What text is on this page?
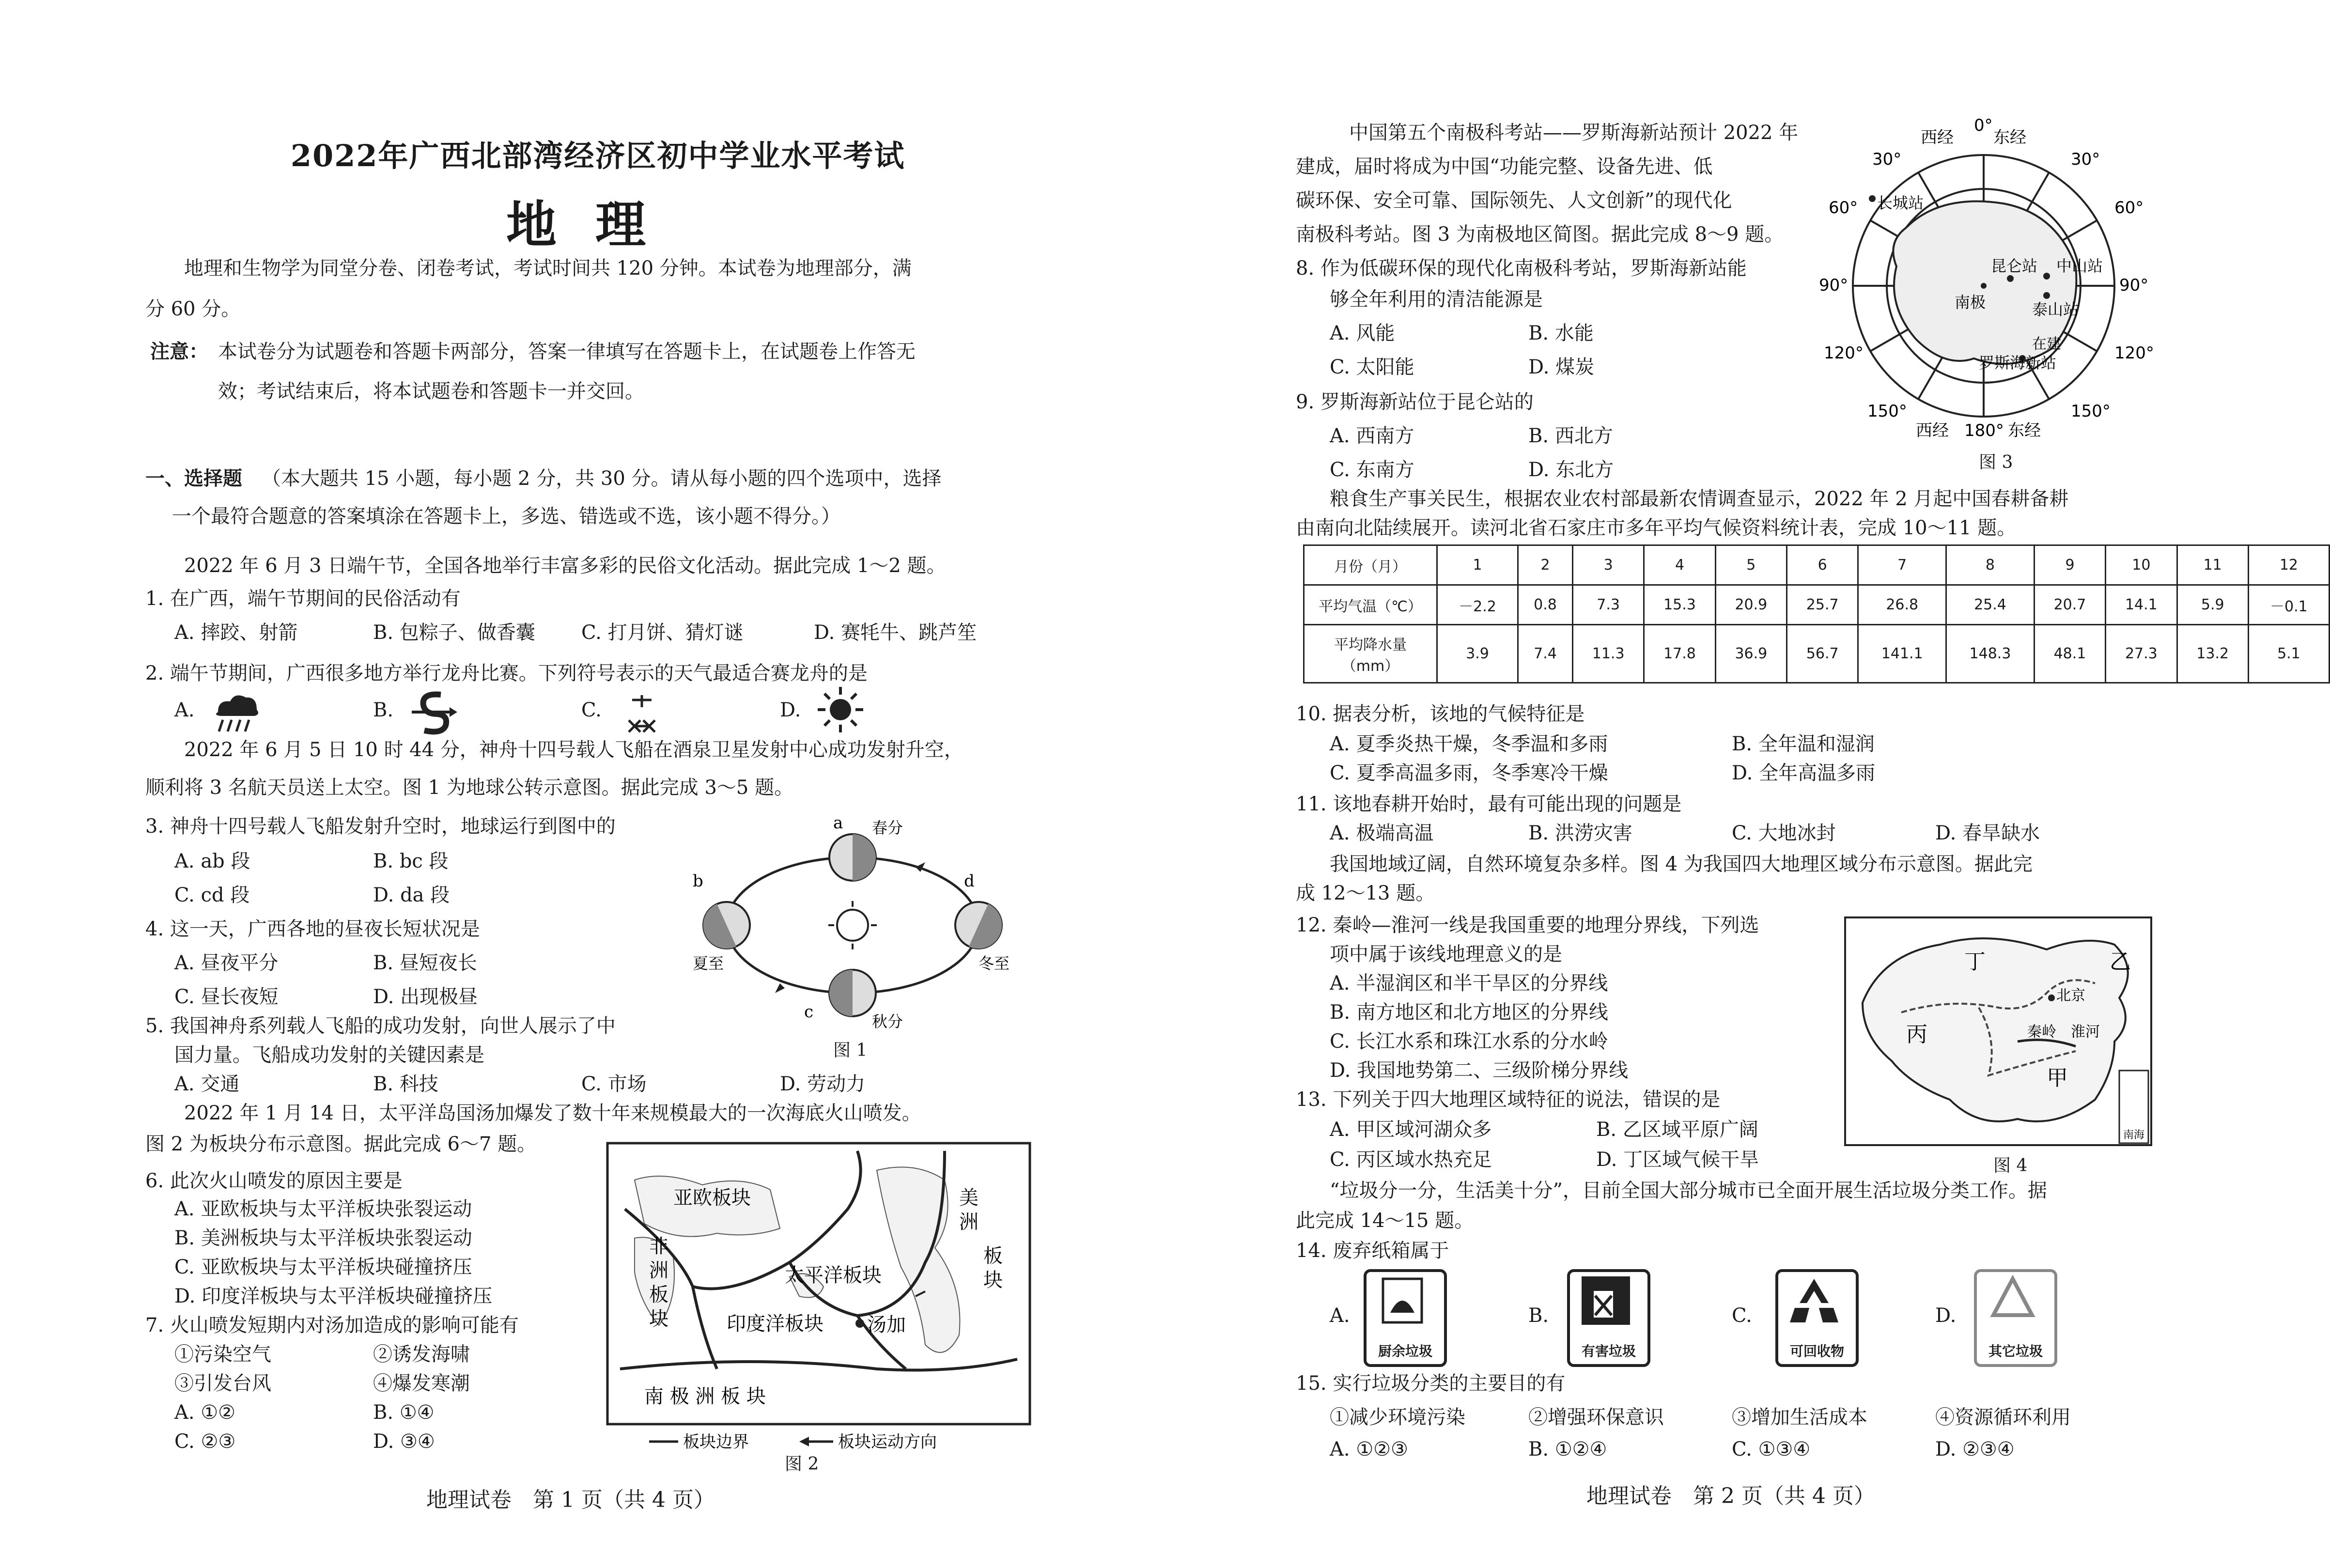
2022年广西北部湾经济区初中学业水平考试
地理
地理和生物学为同堂分卷、闭卷考试，考试时间共 120 分钟。本试卷为地理部分，满
分 60 分。
注意： 本试卷分为试题卷和答题卡两部分，答案一律填写在答题卡上，在试题卷上作答无
效；考试结束后，将本试题卷和答题卡一并交回。
一、选择题 （本大题共 15 小题，每小题 2 分，共 30 分。请从每小题的四个选项中，选择
一个最符合题意的答案填涂在答题卡上，多选、错选或不选，该小题不得分。）
2022 年 6 月 3 日端午节，全国各地举行丰富多彩的民俗文化活动。据此完成 1～2 题。
1. 在广西，端午节期间的民俗活动有
A. 摔跤、射箭	B. 包粽子、做香囊 C. 打月饼、猜灯谜	D. 赛牦牛、跳芦笙
2. 端午节期间，广西很多地方举行龙舟比赛。下列符号表示的天气最适合赛龙舟的是
A.	B.	C.	D.
2022 年 6 月 5 日 10 时 44 分，神舟十四号载人飞船在酒泉卫星发射中心成功发射升空，
顺利将 3 名航天员送上太空。图 1 为地球公转示意图。据此完成 3～5 题。
3. 神舟十四号载人飞船发射升空时，地球运行到图中的
A. ab 段	B. bc 段
C. cd 段	D. da 段
4. 这一天，广西各地的昼夜长短状况是
A. 昼夜平分	B. 昼短夜长
C. 昼长夜短	D. 出现极昼
5. 我国神舟系列载人飞船的成功发射，向世人展示了中
国力量。飞船成功发射的关键因素是
A. 交通	B. 科技	C. 市场	D. 劳动力
a 春分
b
夏至
c	秋分
d
冬至
图 1
2022 年 1 月 14 日，太平洋岛国汤加爆发了数十年来规模最大的一次海底火山喷发。
图 2 为板块分布示意图。据此完成 6～7 题。
6. 此次火山喷发的原因主要是
A. 亚欧板块与太平洋板块张裂运动
B. 美洲板块与太平洋板块张裂运动
C. 亚欧板块与太平洋板块碰撞挤压
D. 印度洋板块与太平洋板块碰撞挤压
7. 火山喷发短期内对汤加造成的影响可能有
①污染空气	②诱发海啸
③引发台风	④爆发寒潮
A. ①②	B. ①④
C. ②③	D. ③④
亚欧板块	美
洲
板
块
非
洲
板
块
太平洋板块
印度洋板块 汤加
南 极 洲 板 块
板块边界	板块运动方向
图 2
地理试卷　第 1 页（共 4 页）
中国第五个南极科考站——罗斯海新站预计 2022 年
建成，届时将成为中国“功能完整、设备先进、低
碳环保、安全可靠、国际领先、人文创新”的现代化
南极科考站。图 3 为南极地区简图。据此完成 8～9 题。
8. 作为低碳环保的现代化南极科考站，罗斯海新站能
够全年利用的清洁能源是
A. 风能	B. 水能
C. 太阳能	D. 煤炭
9. 罗斯海新站位于昆仑站的
A. 西南方	B. 西北方
C. 东南方	D. 东北方
0°
西经 东经
30°	30°
60°	60°
90°	90°
120°	120°
150°	150°
西经 180° 东经
长城站
昆仑站 中山站
泰山站
南极
在建
罗斯海新站
图 3
粮食生产事关民生，根据农业农村部最新农情调查显示，2022 年 2 月起中国春耕备耕
由南向北陆续展开。读河北省石家庄市多年平均气候资料统计表，完成 10～11 题。
月份（月）	1	2	3	4	5	6	7	8	9	10	11	12
平均气温（℃）	－2.2	0.8	7.3	15.3	20.9	25.7	26.8	25.4	20.7	14.1	5.9	－0.1

平均降水量
（mm）	3.9	7.4	11.3	17.8	36.9	56.7	141.1	148.3	48.1	27.3	13.2	5.1
10. 据表分析，该地的气候特征是
A. 夏季炎热干燥，冬季温和多雨	B. 全年温和湿润
C. 夏季高温多雨，冬季寒冷干燥	D. 全年高温多雨
11. 该地春耕开始时，最有可能出现的问题是
A. 极端高温	B. 洪涝灾害	C. 大地冰封	D. 春旱缺水
我国地域辽阔，自然环境复杂多样。图 4 为我国四大地理区域分布示意图。据此完
成 12～13 题。
12. 秦岭—淮河一线是我国重要的地理分界线，下列选
项中属于该线地理意义的是
A. 半湿润区和半干旱区的分界线
B. 南方地区和北方地区的分界线
C. 长江水系和珠江水系的分水岭
D. 我国地势第二、三级阶梯分界线
13. 下列关于四大地理区域特征的说法，错误的是
A. 甲区域河湖众多	B. 乙区域平原广阔
C. 丙区域水热充足	D. 丁区域气候干旱
丁	乙
丙
甲
北京
秦岭 淮河
南海
图 4
“垃圾分一分，生活美十分”，目前全国大部分城市已全面开展生活垃圾分类工作。据
此完成 14～15 题。
14. 废弃纸箱属于
A.
厨余垃圾
B.
有害垃圾
C.
可回收物
D.
其它垃圾
15. 实行垃圾分类的主要目的有
①减少环境污染	②增强环保意识	③增加生活成本	④资源循环利用
A. ①②③	B. ①②④	C. ①③④	D. ②③④
地理试卷　第 2 页（共 4 页）
